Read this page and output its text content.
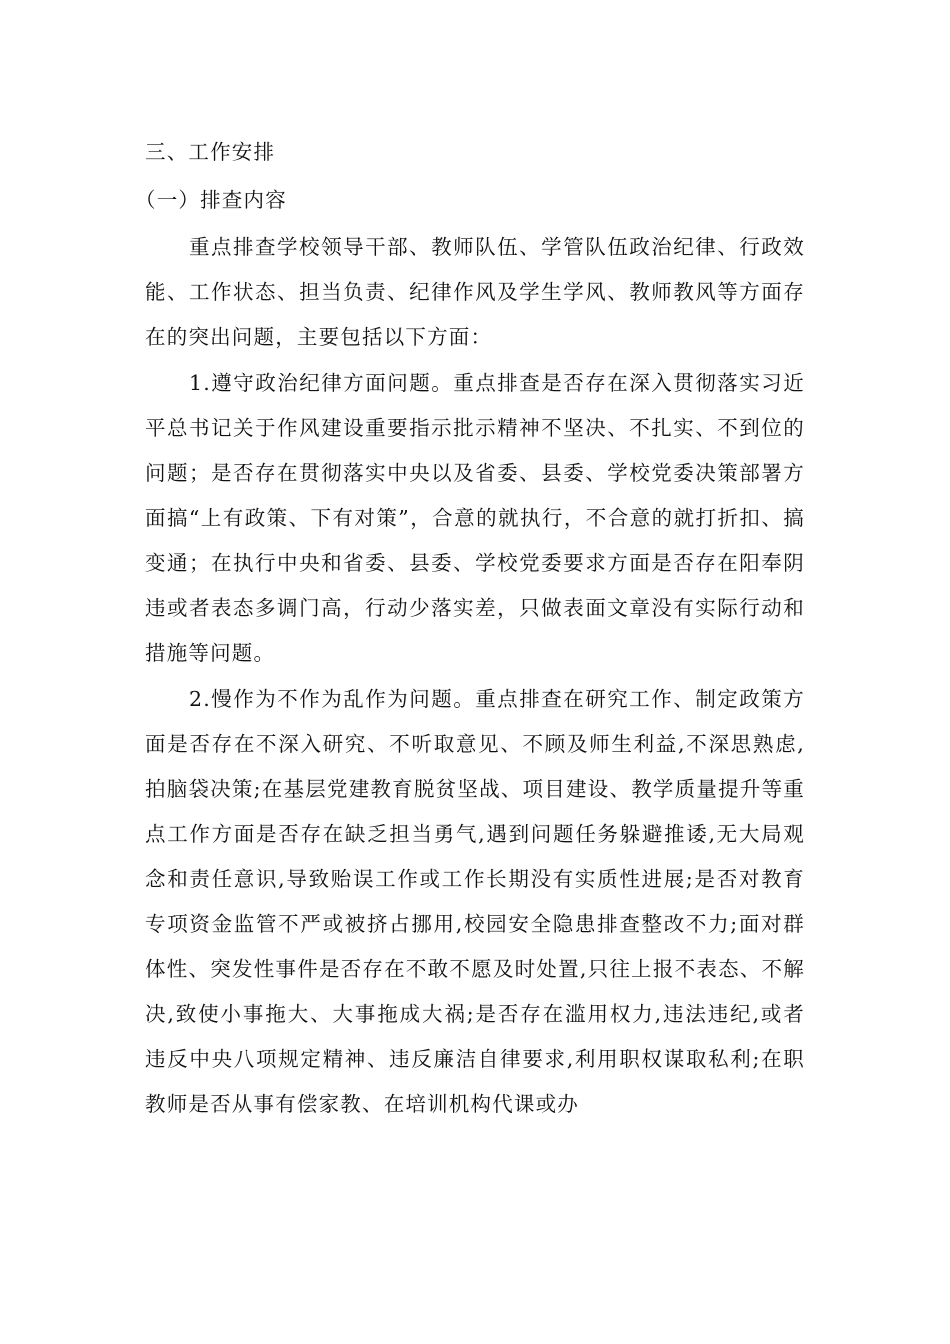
三、工作安排

（一）排查内容

重点排查学校领导干部、教师队伍、学管队伍政治纪律、行政效能、工作状态、担当负责、纪律作风及学生学风、教师教风等方面存在的突出问题，主要包括以下方面：

1.遵守政治纪律方面问题。重点排查是否存在深入贯彻落实习近平总书记关于作风建设重要指示批示精神不坚决、不扎实、不到位的问题；是否存在贯彻落实中央以及省委、县委、学校党委决策部署方面搞“上有政策、下有对策”，合意的就执行，不合意的就打折扣、搞变通；在执行中央和省委、县委、学校党委要求方面是否存在阳奉阴违或者表态多调门高，行动少落实差，只做表面文章没有实际行动和措施等问题。

2.慢作为不作为乱作为问题。重点排查在研究工作、制定政策方面是否存在不深入研究、不听取意见、不顾及师生利益,不深思熟虑,拍脑袋决策;在基层党建教育脱贫坚战、项目建设、教学质量提升等重点工作方面是否存在缺乏担当勇气,遇到问题任务躲避推诿,无大局观念和责任意识,导致贻误工作或工作长期没有实质性进展;是否对教育专项资金监管不严或被挤占挪用,校园安全隐患排查整改不力;面对群体性、突发性事件是否存在不敢不愿及时处置,只往上报不表态、不解决,致使小事拖大、大事拖成大祸;是否存在滥用权力,违法违纪,或者违反中央八项规定精神、违反廉洁自律要求,利用职权谋取私利;在职教师是否从事有偿家教、在培训机构代课或办
